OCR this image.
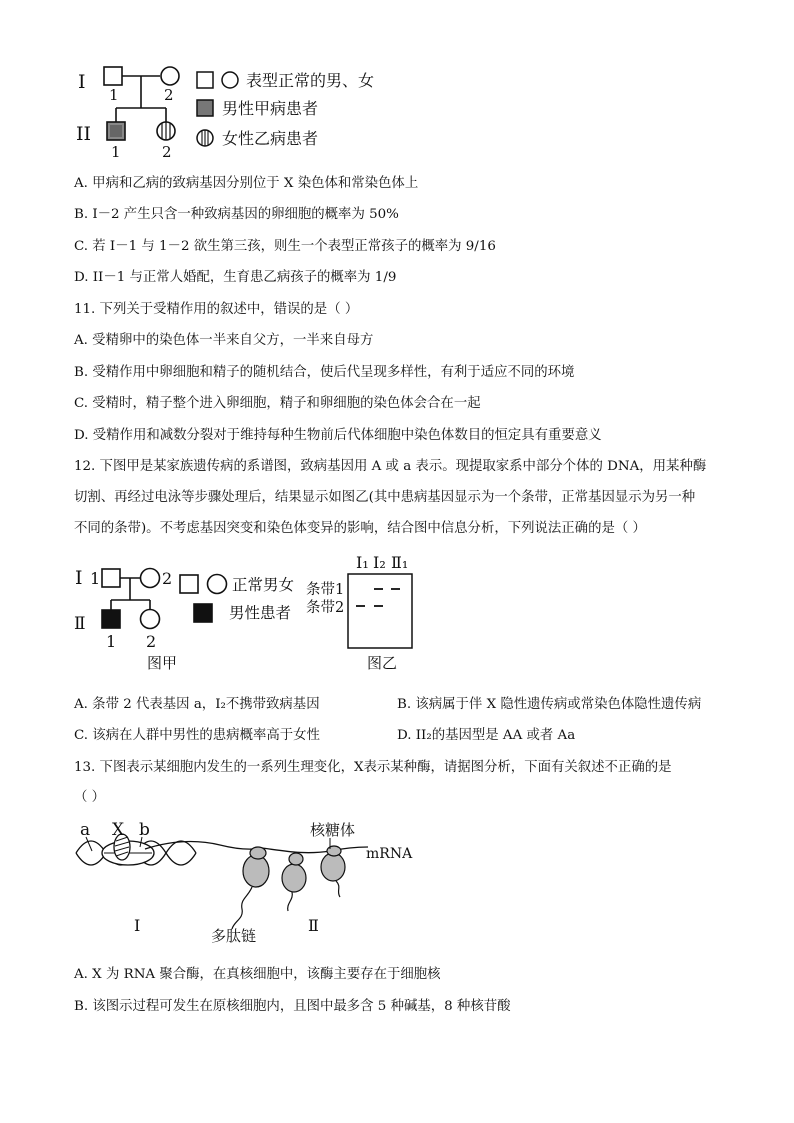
I
II
1	2
1	2
表型正常的男、女
男性甲病患者
女性乙病患者
A. 甲病和乙病的致病基因分别位于 X 染色体和常染色体上
B. I－2 产生只含一种致病基因的卵细胞的概率为 50%
C. 若 I－1 与 1－2 欲生第三孩，则生一个表型正常孩子的概率为 9/16
D. II－1 与正常人婚配，生育患乙病孩子的概率为 1/9
11. 下列关于受精作用的叙述中，错误的是（ ）
A. 受精卵中的染色体一半来自父方，一半来自母方
B. 受精作用中卵细胞和精子的随机结合，使后代呈现多样性，有利于适应不同的环境
C. 受精时，精子整个进入卵细胞，精子和卵细胞的染色体会合在一起
D. 受精作用和减数分裂对于维持每种生物前后代体细胞中染色体数目的恒定具有重要意义
12. 下图甲是某家族遗传病的系谱图，致病基因用 A 或 a 表示。现提取家系中部分个体的 DNA，用某种酶
切割、再经过电泳等步骤处理后，结果显示如图乙(其中患病基因显示为一个条带，正常基因显示为另一种
不同的条带)。不考虑基因突变和染色体变异的影响，结合图中信息分析，下列说法正确的是（ ）
I 1	2
Ⅱ
1 2
正常男女
男性患者
图甲
I₁ I₂ Ⅱ₁
条带1
条带2
图乙
A. 条带 2 代表基因 a，I₂不携带致病基因	B. 该病属于伴 X 隐性遗传病或常染色体隐性遗传病
C. 该病在人群中男性的患病概率高于女性	D. II₂的基因型是 AA 或者 Aa
13. 下图表示某细胞内发生的一系列生理变化，X表示某种酶，请据图分析，下面有关叙述不正确的是
（ ）
a X b	核糖体
mRNA
I
多肽链
Ⅱ
A. X 为 RNA 聚合酶，在真核细胞中，该酶主要存在于细胞核
B. 该图示过程可发生在原核细胞内，且图中最多含 5 种碱基，8 种核苷酸
